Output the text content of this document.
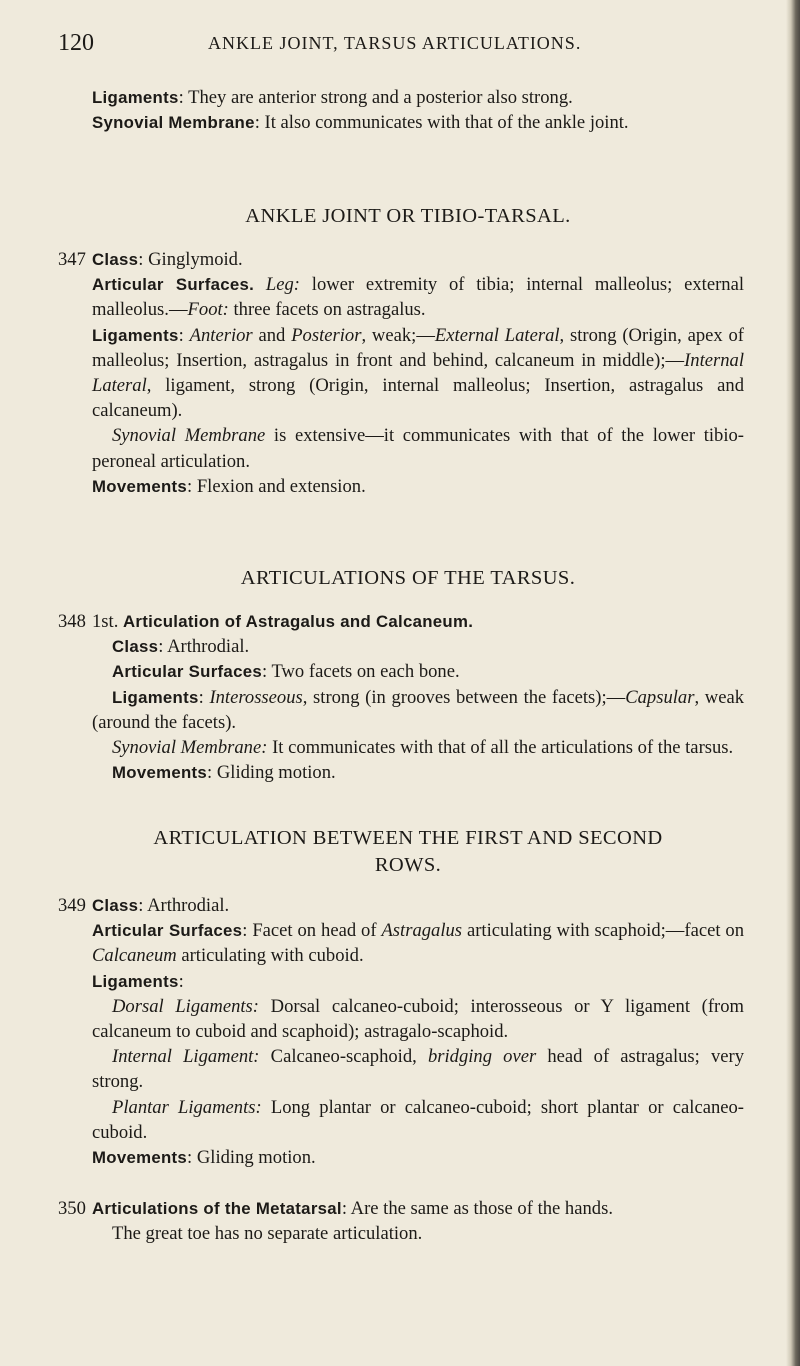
120	ANKLE JOINT, TARSUS ARTICULATIONS.

Ligaments: They are anterior strong and a posterior also strong.

Synovial Membrane: It also communicates with that of the ankle joint.

ANKLE JOINT OR TIBIO-TARSAL.
347 Class: Ginglymoid.

Articular Surfaces. Leg: lower extremity of tibia; internal malleolus; external malleolus.—Foot: three facets on astragalus.

Ligaments: Anterior and Posterior, weak;—External Lateral, strong (Origin, apex of malleolus; Insertion, astragalus in front and behind, calcaneum in middle);—Internal Lateral, ligament, strong (Origin, internal malleolus; Insertion, astragalus and calcaneum).

Synovial Membrane is extensive—it communicates with that of the lower tibio-peroneal articulation.

Movements: Flexion and extension.

ARTICULATIONS OF THE TARSUS.
348 1st. Articulation of Astragalus and Calcaneum.

Class: Arthrodial.

Articular Surfaces: Two facets on each bone.

Ligaments: Interosseous, strong (in grooves between the facets);—Capsular, weak (around the facets).

Synovial Membrane: It communicates with that of all the articulations of the tarsus.

Movements: Gliding motion.

ARTICULATION BETWEEN THE FIRST AND SECOND
ROWS.
349 Class: Arthrodial.

Articular Surfaces: Facet on head of Astragalus articulating with scaphoid;—facet on Calcaneum articulating with cuboid.

Ligaments:

Dorsal Ligaments: Dorsal calcaneo-cuboid; interosseous or Y ligament (from calcaneum to cuboid and scaphoid); astragalo-scaphoid.

Internal Ligament: Calcaneo-scaphoid, bridging over head of astragalus; very strong.

Plantar Ligaments: Long plantar or calcaneo-cuboid; short plantar or calcaneo-cuboid.

Movements: Gliding motion.

350 Articulations of the Metatarsal: Are the same as those of the hands.

The great toe has no separate articulation.
